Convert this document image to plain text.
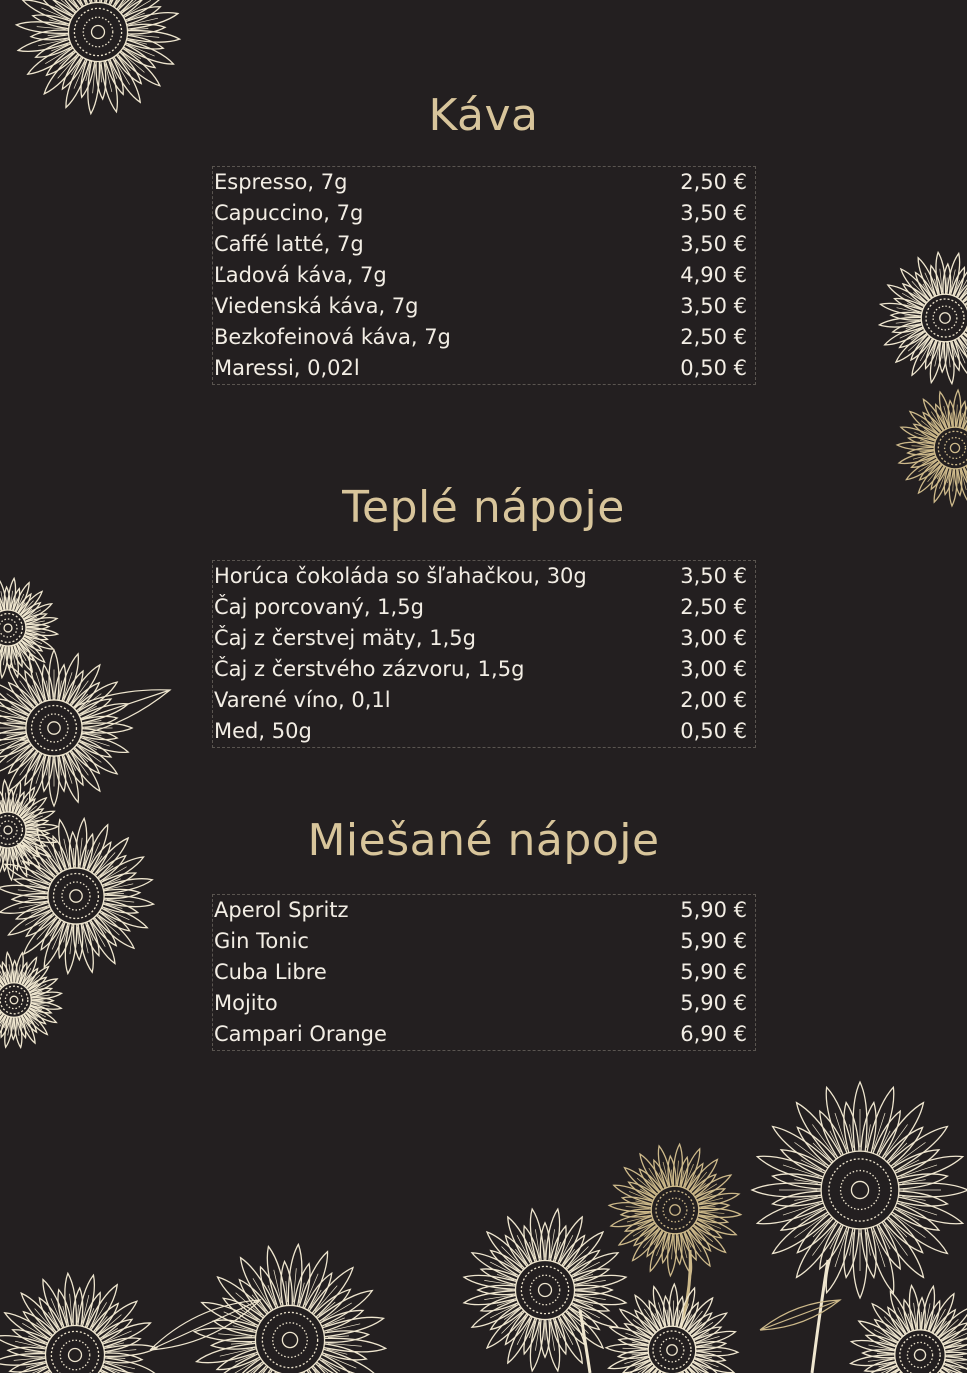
Káva
Espresso, 7g	2,50 €
Capuccino, 7g	3,50 €
Caffé latté, 7g	3,50 €
Ľadová káva, 7g	4,90 €
Viedenská káva, 7g	3,50 €
Bezkofeinová káva, 7g	2,50 €
Maressi, 0,02l	0,50 €
Teplé nápoje
Horúca čokoláda so šľahačkou, 30g	3,50 €
Čaj porcovaný, 1,5g	2,50 €
Čaj z čerstvej mäty, 1,5g	3,00 €
Čaj z čerstvého zázvoru, 1,5g	3,00 €
Varené víno, 0,1l	2,00 €
Med, 50g	0,50 €
Miešané nápoje
Aperol Spritz	5,90 €
Gin Tonic	5,90 €
Cuba Libre	5,90 €
Mojito	5,90 €
Campari Orange	6,90 €
